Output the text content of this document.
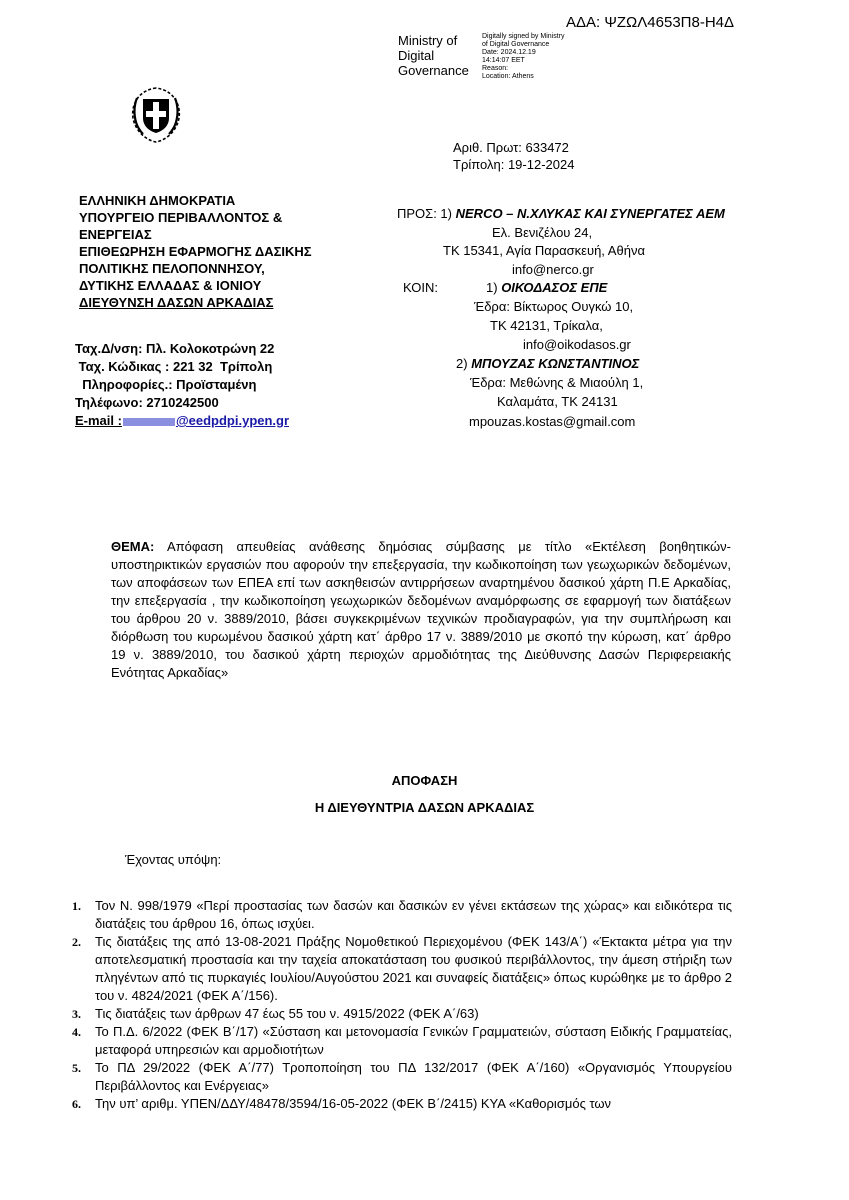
ΑΔΑ: ΨΖΩΛ4653Π8-Η4Δ
Ministry of
Digital
Governance
Digitally signed by Ministry
of Digital Governance
Date: 2024.12.19
14:14:07 EET
Reason:
Location: Athens
Αριθ. Πρωτ: 633472
Τρίπολη: 19-12-2024
ΕΛΛΗΝΙΚΗ ΔΗΜΟΚΡΑΤΙΑ
ΥΠΟΥΡΓΕΙΟ ΠΕΡΙΒΑΛΛΟΝΤΟΣ &
ΕΝΕΡΓΕΙΑΣ
ΕΠΙΘΕΩΡΗΣΗ ΕΦΑΡΜΟΓΗΣ ΔΑΣΙΚΗΣ
ΠΟΛΙΤΙΚΗΣ ΠΕΛΟΠΟΝΝΗΣΟΥ,
ΔΥΤΙΚΗΣ ΕΛΛΑΔΑΣ & ΙΟΝΙΟΥ
ΔΙΕΥΘΥΝΣΗ ΔΑΣΩΝ ΑΡΚΑΔΙΑΣ
Ταχ.Δ/νση: Πλ. Κολοκοτρώνη 22
Ταχ. Κώδικας : 221 32  Τρίπολη
Πληροφορίες.: Προϊσταμένη
Τηλέφωνο: 2710242500
E-mail :	@eedpdpi.ypen.gr
ΠΡΟΣ: 1) NERCO – Ν.ΧΛΥΚΑΣ ΚΑΙ ΣΥΝΕΡΓΑΤΕΣ ΑΕΜ
Ελ. Βενιζέλου 24,
ΤΚ 15341, Αγία Παρασκευή, Αθήνα
info@nerco.gr
ΚΟΙΝ:	1) ΟΙΚΟΔΑΣΟΣ ΕΠΕ
Έδρα: Βίκτωρος Ουγκώ 10,
ΤΚ 42131, Τρίκαλα,
info@oikodasos.gr
2) ΜΠΟΥΖΑΣ ΚΩΝΣΤΑΝΤΙΝΟΣ
Έδρα: Μεθώνης & Μιαούλη 1,
Καλαμάτα, ΤΚ 24131
mpouzas.kostas@gmail.com
ΘΕΜΑ: Απόφαση απευθείας ανάθεσης δημόσιας σύμβασης με τίτλο «Εκτέλεση βοηθητικών-υποστηρικτικών εργασιών που αφορούν την επεξεργασία, την κωδικοποίηση των γεωχωρικών δεδομένων, των αποφάσεων των ΕΠΕΑ επί των ασκηθεισών αντιρρήσεων αναρτημένου δασικού χάρτη Π.Ε Αρκαδίας, την επεξεργασία , την κωδικοποίηση γεωχωρικών δεδομένων αναμόρφωσης σε εφαρμογή των διατάξεων του άρθρου 20 ν. 3889/2010, βάσει συγκεκριμένων τεχνικών προδιαγραφών, για την συμπλήρωση και διόρθωση του κυρωμένου δασικού χάρτη κατ΄ άρθρο 17 ν. 3889/2010 με σκοπό την κύρωση, κατ΄ άρθρο 19 ν. 3889/2010, του δασικού χάρτη περιοχών αρμοδιότητας της Διεύθυνσης Δασών Περιφερειακής Ενότητας Αρκαδίας»
ΑΠΟΦΑΣΗ
Η ΔΙΕΥΘΥΝΤΡΙΑ ΔΑΣΩΝ ΑΡΚΑΔΙΑΣ
Έχοντας υπόψη:
1. Τον Ν. 998/1979 «Περί προστασίας των δασών και δασικών εν γένει εκτάσεων της χώρας» και ειδικότερα τις διατάξεις του άρθρου 16, όπως ισχύει.
2. Τις διατάξεις της από 13-08-2021 Πράξης Νομοθετικού Περιεχομένου (ΦΕΚ 143/Α΄) «Έκτακτα μέτρα για την αποτελεσματική προστασία και την ταχεία αποκατάσταση του φυσικού περιβάλλοντος, την άμεση στήριξη των πληγέντων από τις πυρκαγιές Ιουλίου/Αυγούστου 2021 και συναφείς διατάξεις» όπως κυρώθηκε με το άρθρο 2 του ν. 4824/2021 (ΦΕΚ Α΄/156).
3. Τις διατάξεις των άρθρων 47 έως 55 του ν. 4915/2022 (ΦΕΚ Α΄/63)
4. Το Π.Δ. 6/2022 (ΦΕΚ Β΄/17) «Σύσταση και μετονομασία Γενικών Γραμματειών, σύσταση Ειδικής Γραμματείας, μεταφορά υπηρεσιών και αρμοδιοτήτων
5. Το ΠΔ 29/2022 (ΦΕΚ Α΄/77) Τροποποίηση του ΠΔ 132/2017 (ΦΕΚ Α΄/160) «Οργανισμός Υπουργείου Περιβάλλοντος και Ενέργειας»
6. Την υπ’ αριθμ. ΥΠΕΝ/ΔΔΥ/48478/3594/16-05-2022 (ΦΕΚ Β΄/2415) ΚΥΑ «Καθορισμός των
